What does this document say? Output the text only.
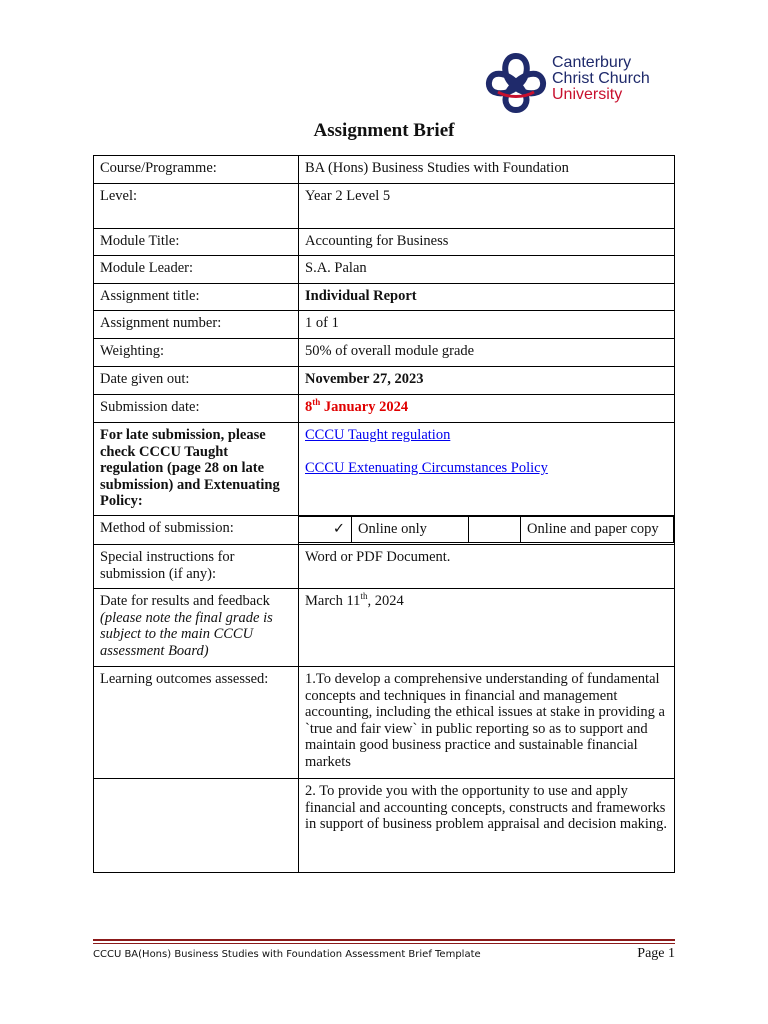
Canterbury
Christ Church
University
Assignment Brief
Course/Programme:	BA (Hons) Business Studies with Foundation
Level:	Year 2 Level 5
Module Title:	Accounting for Business
Module Leader:	S.A. Palan
Assignment title:	Individual Report
Assignment number:	1 of 1
Weighting:	50% of overall module grade
Date given out:	November 27, 2023
Submission date:	8th January 2024
For late submission, please check CCCU Taught regulation (page 28 on late submission) and Extenuating Policy:	CCCU Taught regulation

CCCU Extenuating Circumstances Policy
Method of submission:		✓	Online only		Online and paper copy

Special instructions for submission (if any):	Word or PDF Document.
Date for results and feedback (please note the final grade is subject to the main CCCU assessment Board)	March 11th, 2024
Learning outcomes assessed:	1.To develop a comprehensive understanding of fundamental concepts and techniques in financial and management accounting, including the ethical issues at stake in providing a `true and fair view` in public reporting so as to support and maintain good business practice and sustainable financial markets
	2. To provide you with the opportunity to use and apply financial and accounting concepts, constructs and frameworks in support of business problem appraisal and decision making.
CCCU BA(Hons) Business Studies with Foundation Assessment Brief Template	Page 1
